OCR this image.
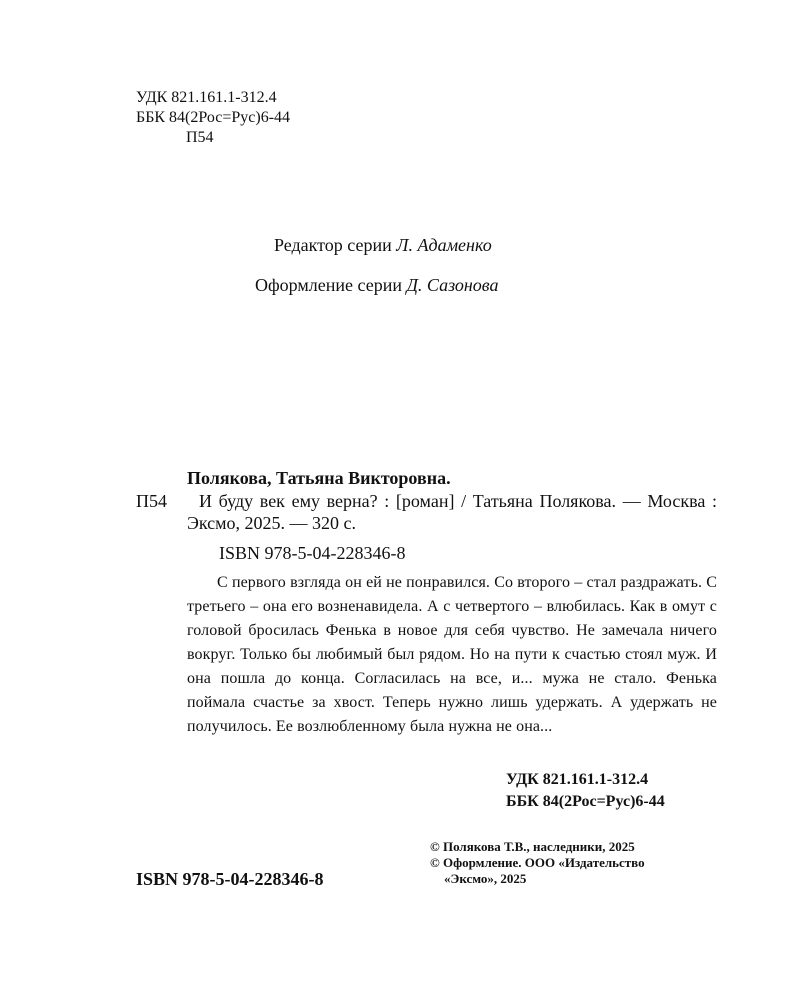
УДК 821.161.1-312.4
ББК 84(2Рос=Рус)6-44
П54
Редактор серии Л. Адаменко
Оформление серии Д. Сазонова
Полякова, Татьяна Викторовна.
П54	И буду век ему верна? : [роман] / Татьяна Полякова. — Москва : Эксмо, 2025. — 320 с.
ISBN 978-5-04-228346-8
С первого взгляда он ей не понравился. Со второго – стал раздражать. С третьего – она его возненавидела. А с четвертого – влюбилась. Как в омут с головой бросилась Фенька в новое для себя чувство. Не замечала ничего вокруг. Только бы любимый был рядом. Но на пути к счастью стоял муж. И она пошла до конца. Согласилась на все, и... мужа не стало. Фенька поймала счастье за хвост. Теперь нужно лишь удержать. А удержать не получилось. Ее возлюбленному была нужна не она...
УДК 821.161.1-312.4
ББК 84(2Рос=Рус)6-44
© Полякова Т.В., наследники, 2025
© Оформление. ООО «Издательство
«Эксмо», 2025
ISBN 978-5-04-228346-8
